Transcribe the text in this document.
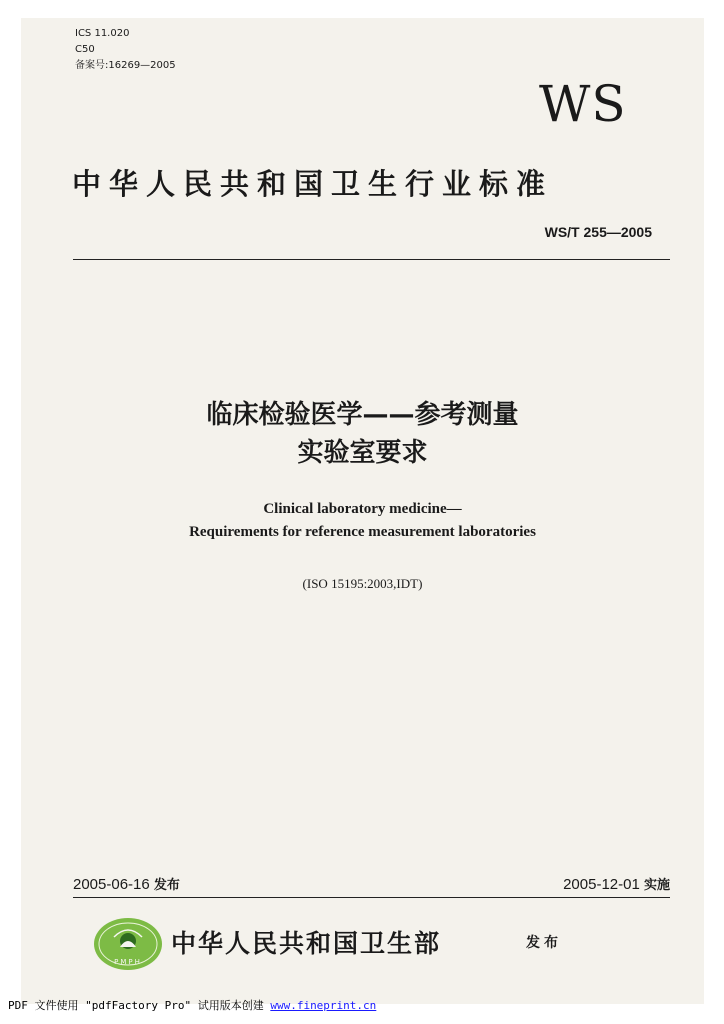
ICS 11.020
C50
备案号:16269—2005
WS
中华人民共和国卫生行业标准
WS/T 255—2005
临床检验医学——参考测量
实验室要求
Clinical laboratory medicine—
Requirements for reference measurement laboratories
(ISO 15195:2003,IDT)
2005-06-16 发布	2005-12-01 实施
PMPH
中华人民共和国卫生部	发布
PDF 文件使用 "pdfFactory Pro" 试用版本创建 www.fineprint.cn
